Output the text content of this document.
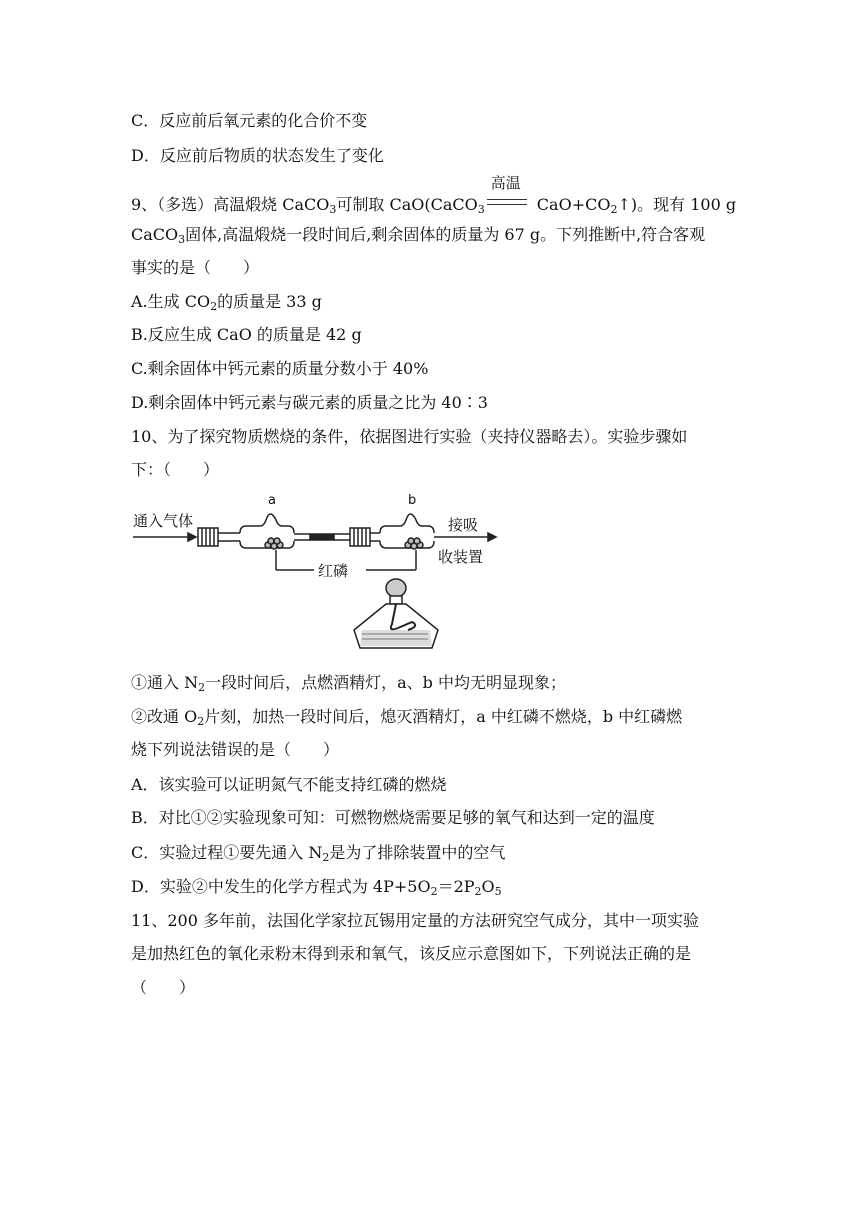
C．反应前后氧元素的化合价不变
D．反应前后物质的状态发生了变化
9、（多选）高温煅烧 CaCO$_3$可制取 CaO(CaCO$_3$
高温
$CaO+CO_2↑$)。现有 100 g
CaCO$_3$固体,高温煅烧一段时间后,剩余固体的质量为 67 g。下列推断中,符合客观
事实的是（　　）
A.生成 $CO_2$的质量是 33 g
B.反应生成 CaO 的质量是 42 g
C.剩余固体中钙元素的质量分数小于 40%
D.剩余固体中钙元素与碳元素的质量之比为 40∶3
10、为了探究物质燃烧的条件，依据图进行实验（夹持仪器略去）。实验步骤如
下：（　　）
通入气体
a	b
接吸
收装置
红磷
①通入 $N_2$一段时间后，点燃酒精灯，a、b 中均无明显现象；
②改通 $O_2$片刻，加热一段时间后，熄灭酒精灯，a 中红磷不燃烧，b 中红磷燃
烧下列说法错误的是（　　）
A．该实验可以证明氮气不能支持红磷的燃烧
B．对比①②实验现象可知：可燃物燃烧需要足够的氧气和达到一定的温度
C．实验过程①要先通入 $N_2$是为了排除装置中的空气
D．实验②中发生的化学方程式为 $4P+5O_2=2P_2O_5$
11、200 多年前，法国化学家拉瓦锡用定量的方法研究空气成分，其中一项实验
是加热红色的氧化汞粉末得到汞和氧气，该反应示意图如下，下列说法正确的是
（　　）
